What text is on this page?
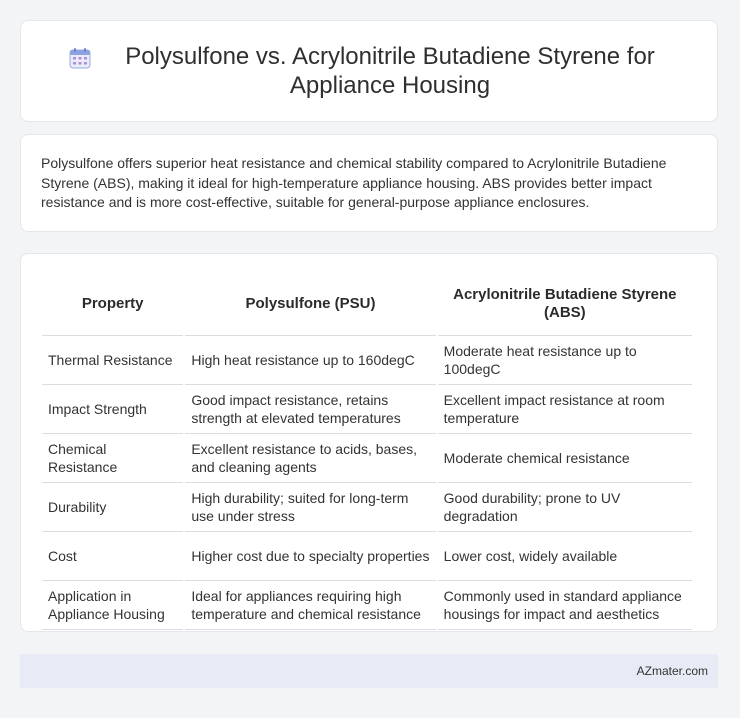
Polysulfone vs. Acrylonitrile Butadiene Styrene for Appliance Housing

Polysulfone offers superior heat resistance and chemical stability compared to Acrylonitrile Butadiene Styrene (ABS), making it ideal for high-temperature appliance housing. ABS provides better impact resistance and is more cost-effective, suitable for general-purpose appliance enclosures.

Property	Polysulfone (PSU)	Acrylonitrile Butadiene Styrene (ABS)
Thermal Resistance	High heat resistance up to 160degC	Moderate heat resistance up to 100degC
Impact Strength	Good impact resistance, retains strength at elevated temperatures	Excellent impact resistance at room temperature
Chemical Resistance	Excellent resistance to acids, bases, and cleaning agents	Moderate chemical resistance
Durability	High durability; suited for long-term use under stress	Good durability; prone to UV degradation
Cost	Higher cost due to specialty properties	Lower cost, widely available
Application in Appliance Housing	Ideal for appliances requiring high temperature and chemical resistance	Commonly used in standard appliance housings for impact and aesthetics
AZmater.com
